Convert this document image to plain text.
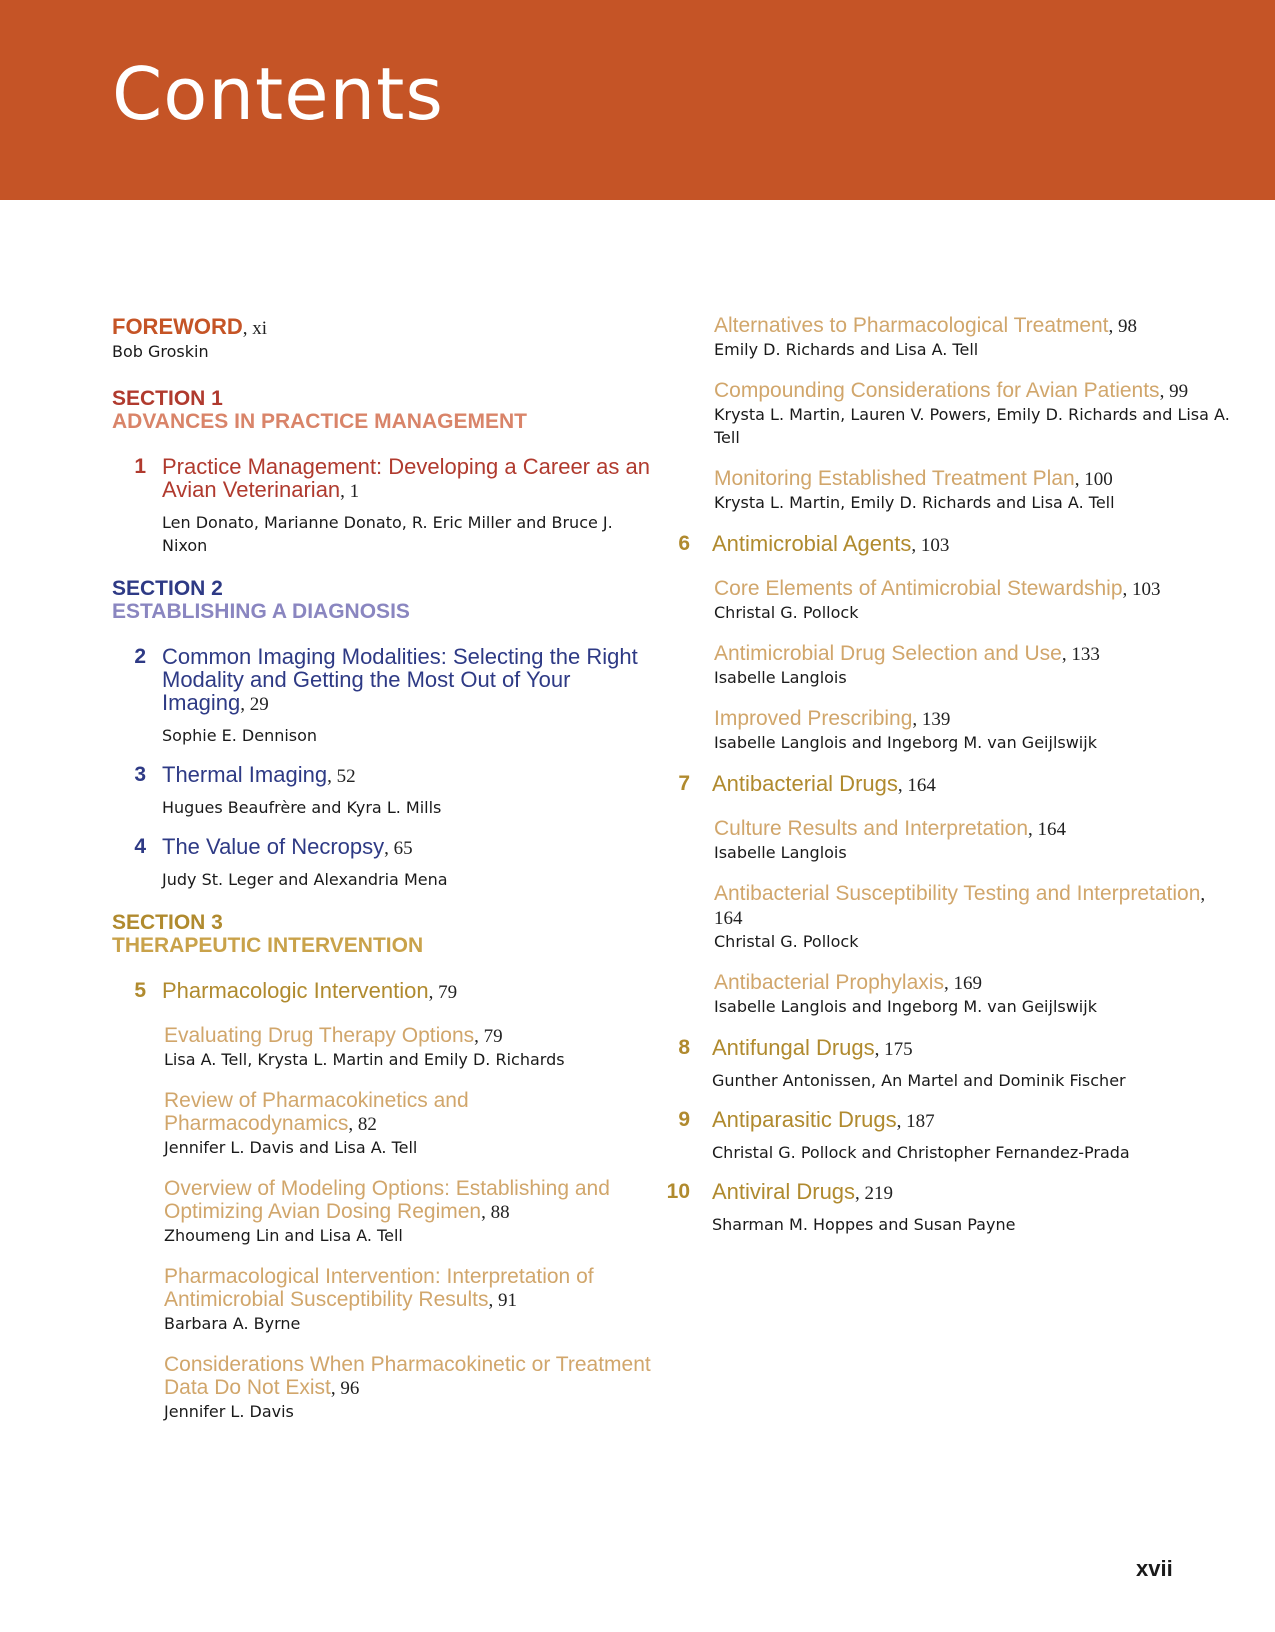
Contents
FOREWORD, xi
Bob Groskin
SECTION 1
ADVANCES IN PRACTICE MANAGEMENT
1 Practice Management: Developing a Career as an Avian Veterinarian, 1
Len Donato, Marianne Donato, R. Eric Miller and Bruce J. Nixon
SECTION 2
ESTABLISHING A DIAGNOSIS
2 Common Imaging Modalities: Selecting the Right Modality and Getting the Most Out of Your Imaging, 29
Sophie E. Dennison
3 Thermal Imaging, 52
Hugues Beaufrère and Kyra L. Mills
4 The Value of Necropsy, 65
Judy St. Leger and Alexandria Mena
SECTION 3
THERAPEUTIC INTERVENTION
5 Pharmacologic Intervention, 79
Evaluating Drug Therapy Options, 79
Lisa A. Tell, Krysta L. Martin and Emily D. Richards
Review of Pharmacokinetics and Pharmacodynamics, 82
Jennifer L. Davis and Lisa A. Tell
Overview of Modeling Options: Establishing and Optimizing Avian Dosing Regimen, 88
Zhoumeng Lin and Lisa A. Tell
Pharmacological Intervention: Interpretation of Antimicrobial Susceptibility Results, 91
Barbara A. Byrne
Considerations When Pharmacokinetic or Treatment Data Do Not Exist, 96
Jennifer L. Davis
Alternatives to Pharmacological Treatment, 98
Emily D. Richards and Lisa A. Tell
Compounding Considerations for Avian Patients, 99
Krysta L. Martin, Lauren V. Powers, Emily D. Richards and Lisa A. Tell
Monitoring Established Treatment Plan, 100
Krysta L. Martin, Emily D. Richards and Lisa A. Tell
6 Antimicrobial Agents, 103
Core Elements of Antimicrobial Stewardship, 103
Christal G. Pollock
Antimicrobial Drug Selection and Use, 133
Isabelle Langlois
Improved Prescribing, 139
Isabelle Langlois and Ingeborg M. van Geijlswijk
7 Antibacterial Drugs, 164
Culture Results and Interpretation, 164
Isabelle Langlois
Antibacterial Susceptibility Testing and Interpretation, 164
Christal G. Pollock
Antibacterial Prophylaxis, 169
Isabelle Langlois and Ingeborg M. van Geijlswijk
8 Antifungal Drugs, 175
Gunther Antonissen, An Martel and Dominik Fischer
9 Antiparasitic Drugs, 187
Christal G. Pollock and Christopher Fernandez-Prada
10 Antiviral Drugs, 219
Sharman M. Hoppes and Susan Payne
xvii
